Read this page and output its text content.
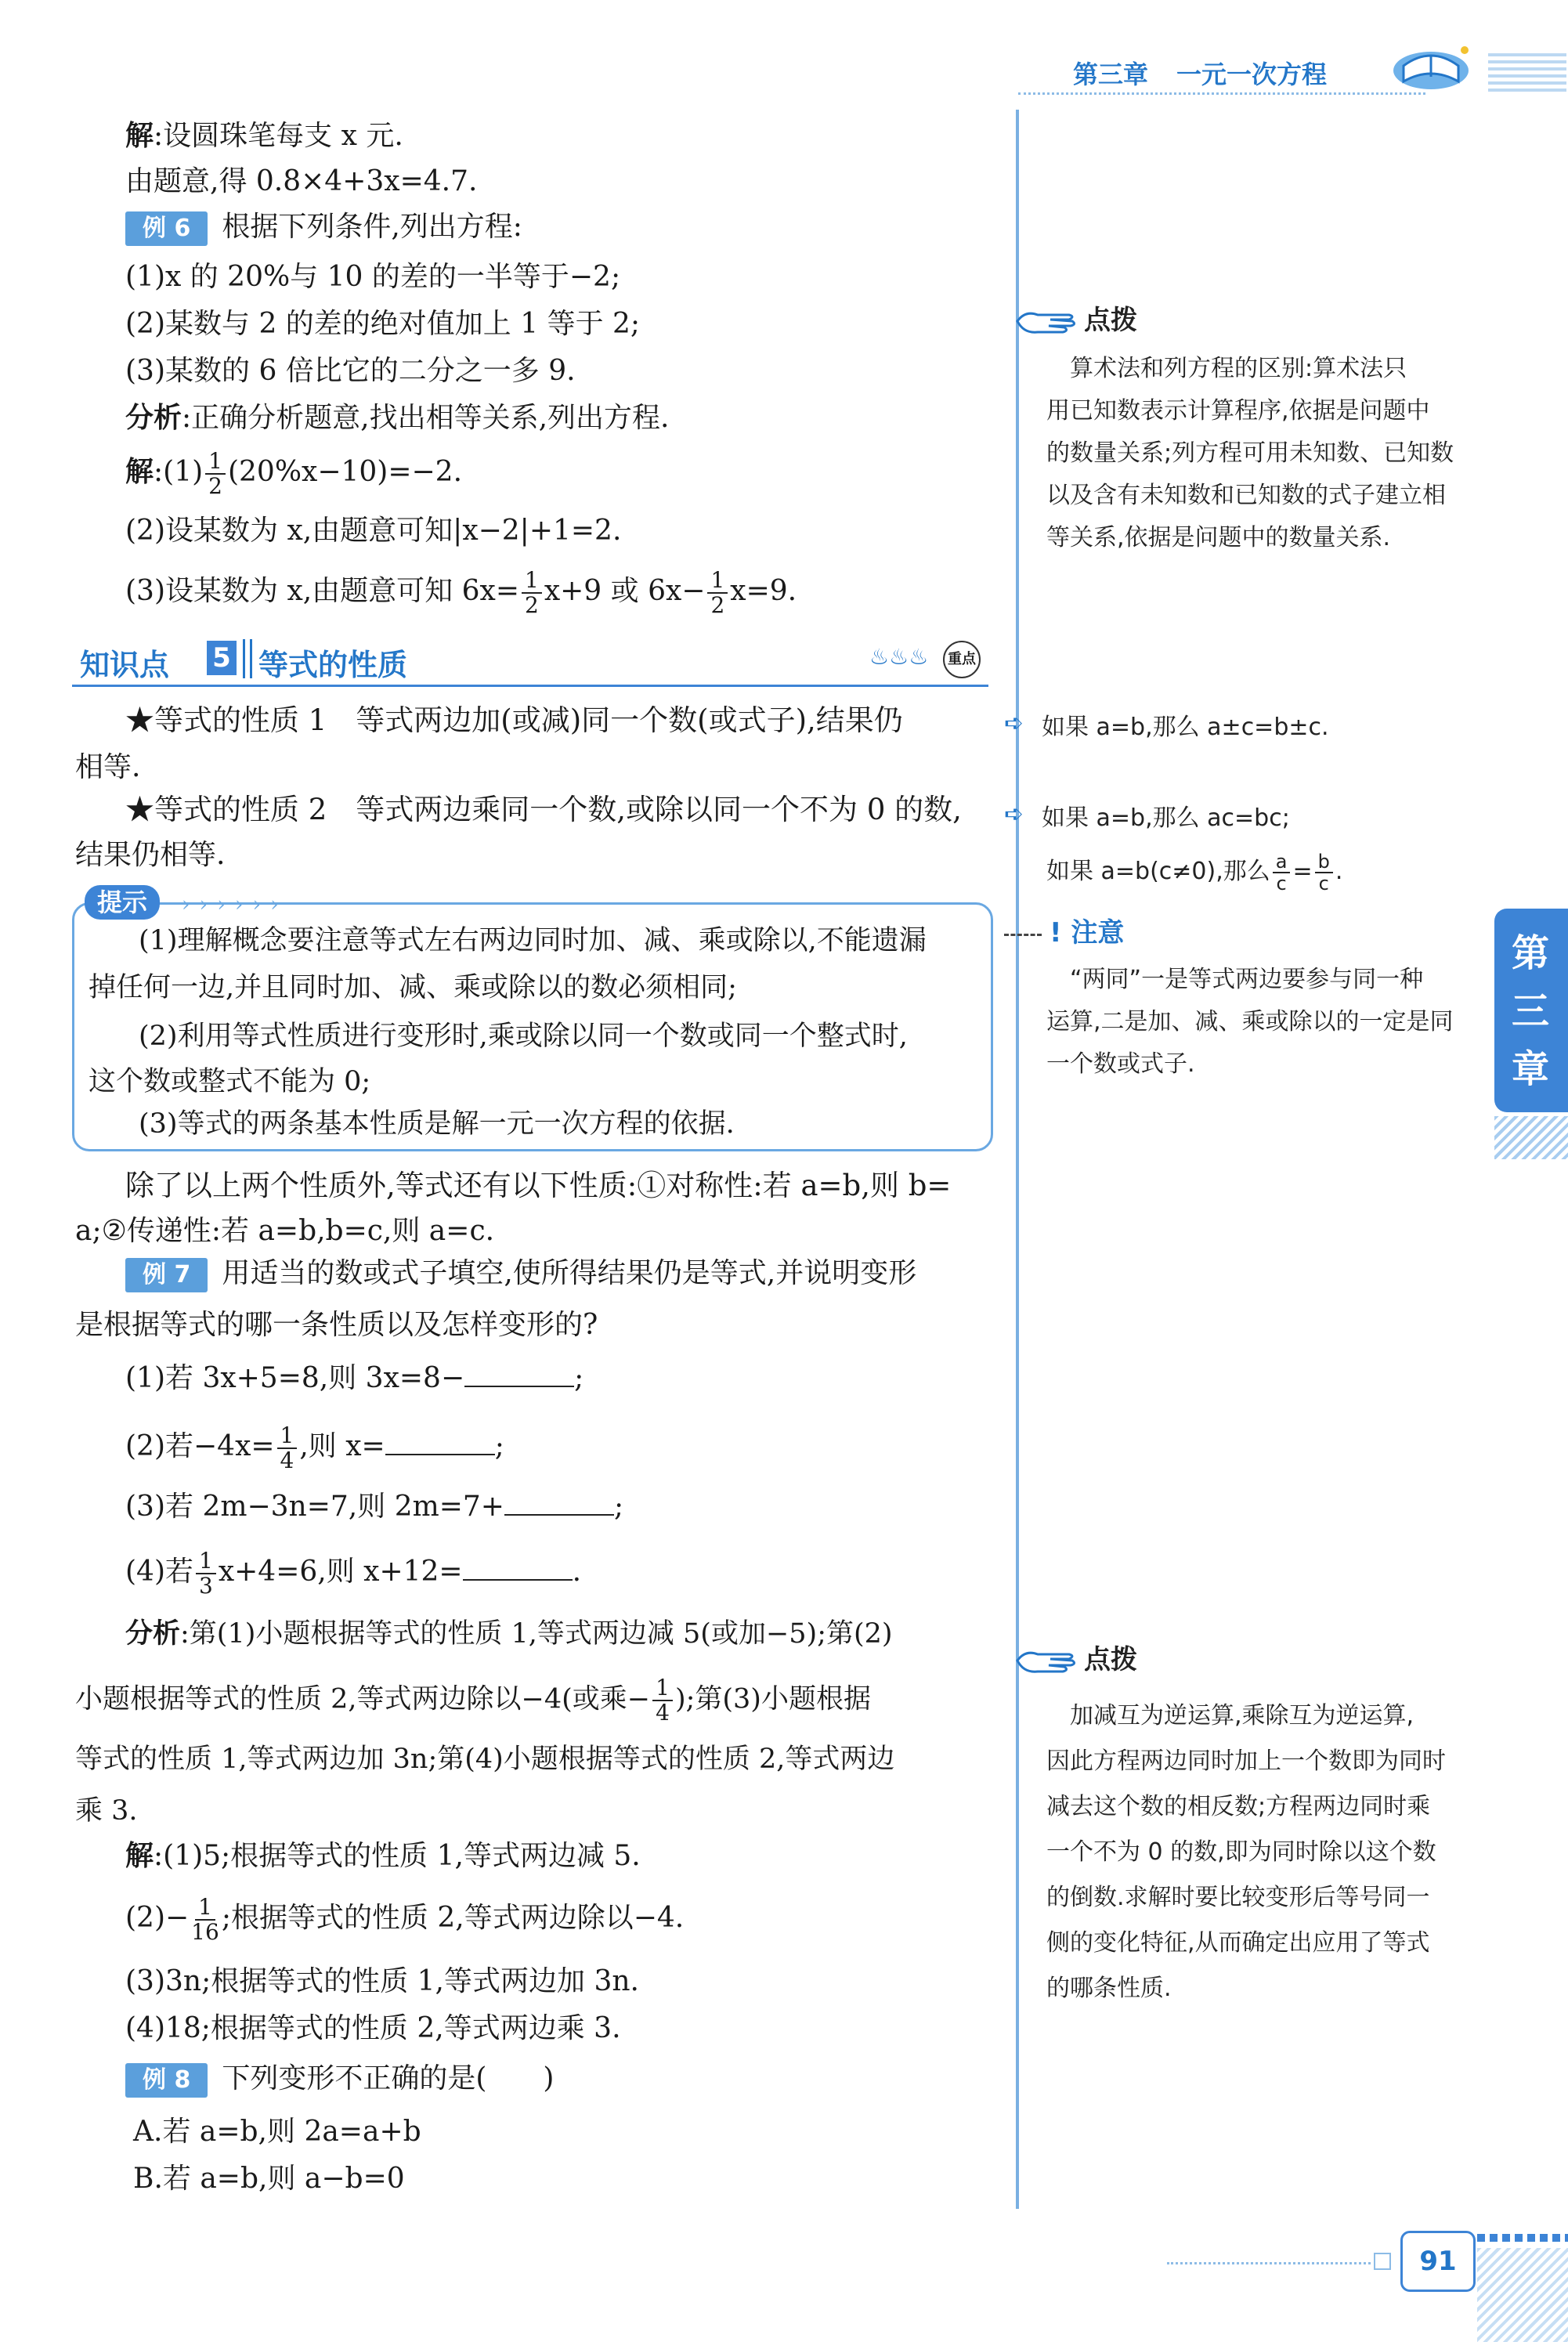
第三章 一元一次方程
第
三
章
解:设圆珠笔每支 x 元.
由题意,得 0.8×4+3x=4.7.
例 6 根据下列条件,列出方程:
(1)x 的 20%与 10 的差的一半等于−2;
(2)某数与 2 的差的绝对值加上 1 等于 2;
(3)某数的 6 倍比它的二分之一多 9.
分析:正确分析题意,找出相等关系,列出方程.
解:(1) $\frac{1}{2} (20\%x-10)=-2$.
(2)设某数为 x,由题意可知|x−2|+1=2.
(3)设某数为 x,由题意可知 $6x= \frac{1}{2} x+9$ 或 $6x- \frac{1}{2} x=9$.
知识点 5 等式的性质	♨♨♨	重点
★等式的性质 1　等式两边加(或减)同一个数(或式子),结果仍
相等.
★等式的性质 2　等式两边乘同一个数,或除以同一个不为 0 的数,
结果仍相等.
(1)理解概念要注意等式左右两边同时加、减、乘或除以,不能遗漏
掉任何一边,并且同时加、减、乘或除以的数必须相同;
(2)利用等式性质进行变形时,乘或除以同一个数或同一个整式时,
这个数或整式不能为 0;
(3)等式的两条基本性质是解一元一次方程的依据.
提示	› › › › › ›
除了以上两个性质外,等式还有以下性质:①对称性:若 a=b,则 b=
a;②传递性:若 a=b,b=c,则 a=c.
例 7 用适当的数或式子填空,使所得结果仍是等式,并说明变形
是根据等式的哪一条性质以及怎样变形的?
(1)若 3x+5=8,则 3x=8−	;
(2)若$-4x= \frac{1}{4}$ ,则 x=	;
(3)若 2m−3n=7,则 2m=7+	;
(4)若 $\frac{1}{3} x+4=6$,则 x+12=	.
分析:第(1)小题根据等式的性质 1,等式两边减 5(或加−5);第(2)
小题根据等式的性质 2,等式两边除以−4(或乘− $\frac{1}{4}$ );第(3)小题根据
等式的性质 1,等式两边加 3n;第(4)小题根据等式的性质 2,等式两边
乘 3.
解:(1)5;根据等式的性质 1,等式两边减 5.
$(2)- \frac{1}{16}$ ;根据等式的性质 2,等式两边除以−4.
(3)3n;根据等式的性质 1,等式两边加 3n.
(4)18;根据等式的性质 2,等式两边乘 3.
例 8 下列变形不正确的是(　　)
A.若 a=b,则 2a=a+b
B.若 a=b,则 a−b=0
点拨
　算术法和列方程的区别:算术法只
用已知数表示计算程序,依据是问题中
的数量关系;列方程可用未知数、已知数
以及含有未知数和已知数的式子建立相
等关系,依据是问题中的数量关系.
➪ 如果 a=b,那么 a±c=b±c.
➪ 如果 a=b,那么 ac=bc;
如果 a=b(c≠0),那么 $\frac{a}{c} = \frac{b}{c}$ .
! 注意
　“两同”一是等式两边要参与同一种
运算,二是加、减、乘或除以的一定是同
一个数或式子.
点拨
　加减互为逆运算,乘除互为逆运算,
因此方程两边同时加上一个数即为同时
减去这个数的相反数;方程两边同时乘
一个不为 0 的数,即为同时除以这个数
的倒数.求解时要比较变形后等号同一
侧的变化特征,从而确定出应用了等式
的哪条性质.
91
